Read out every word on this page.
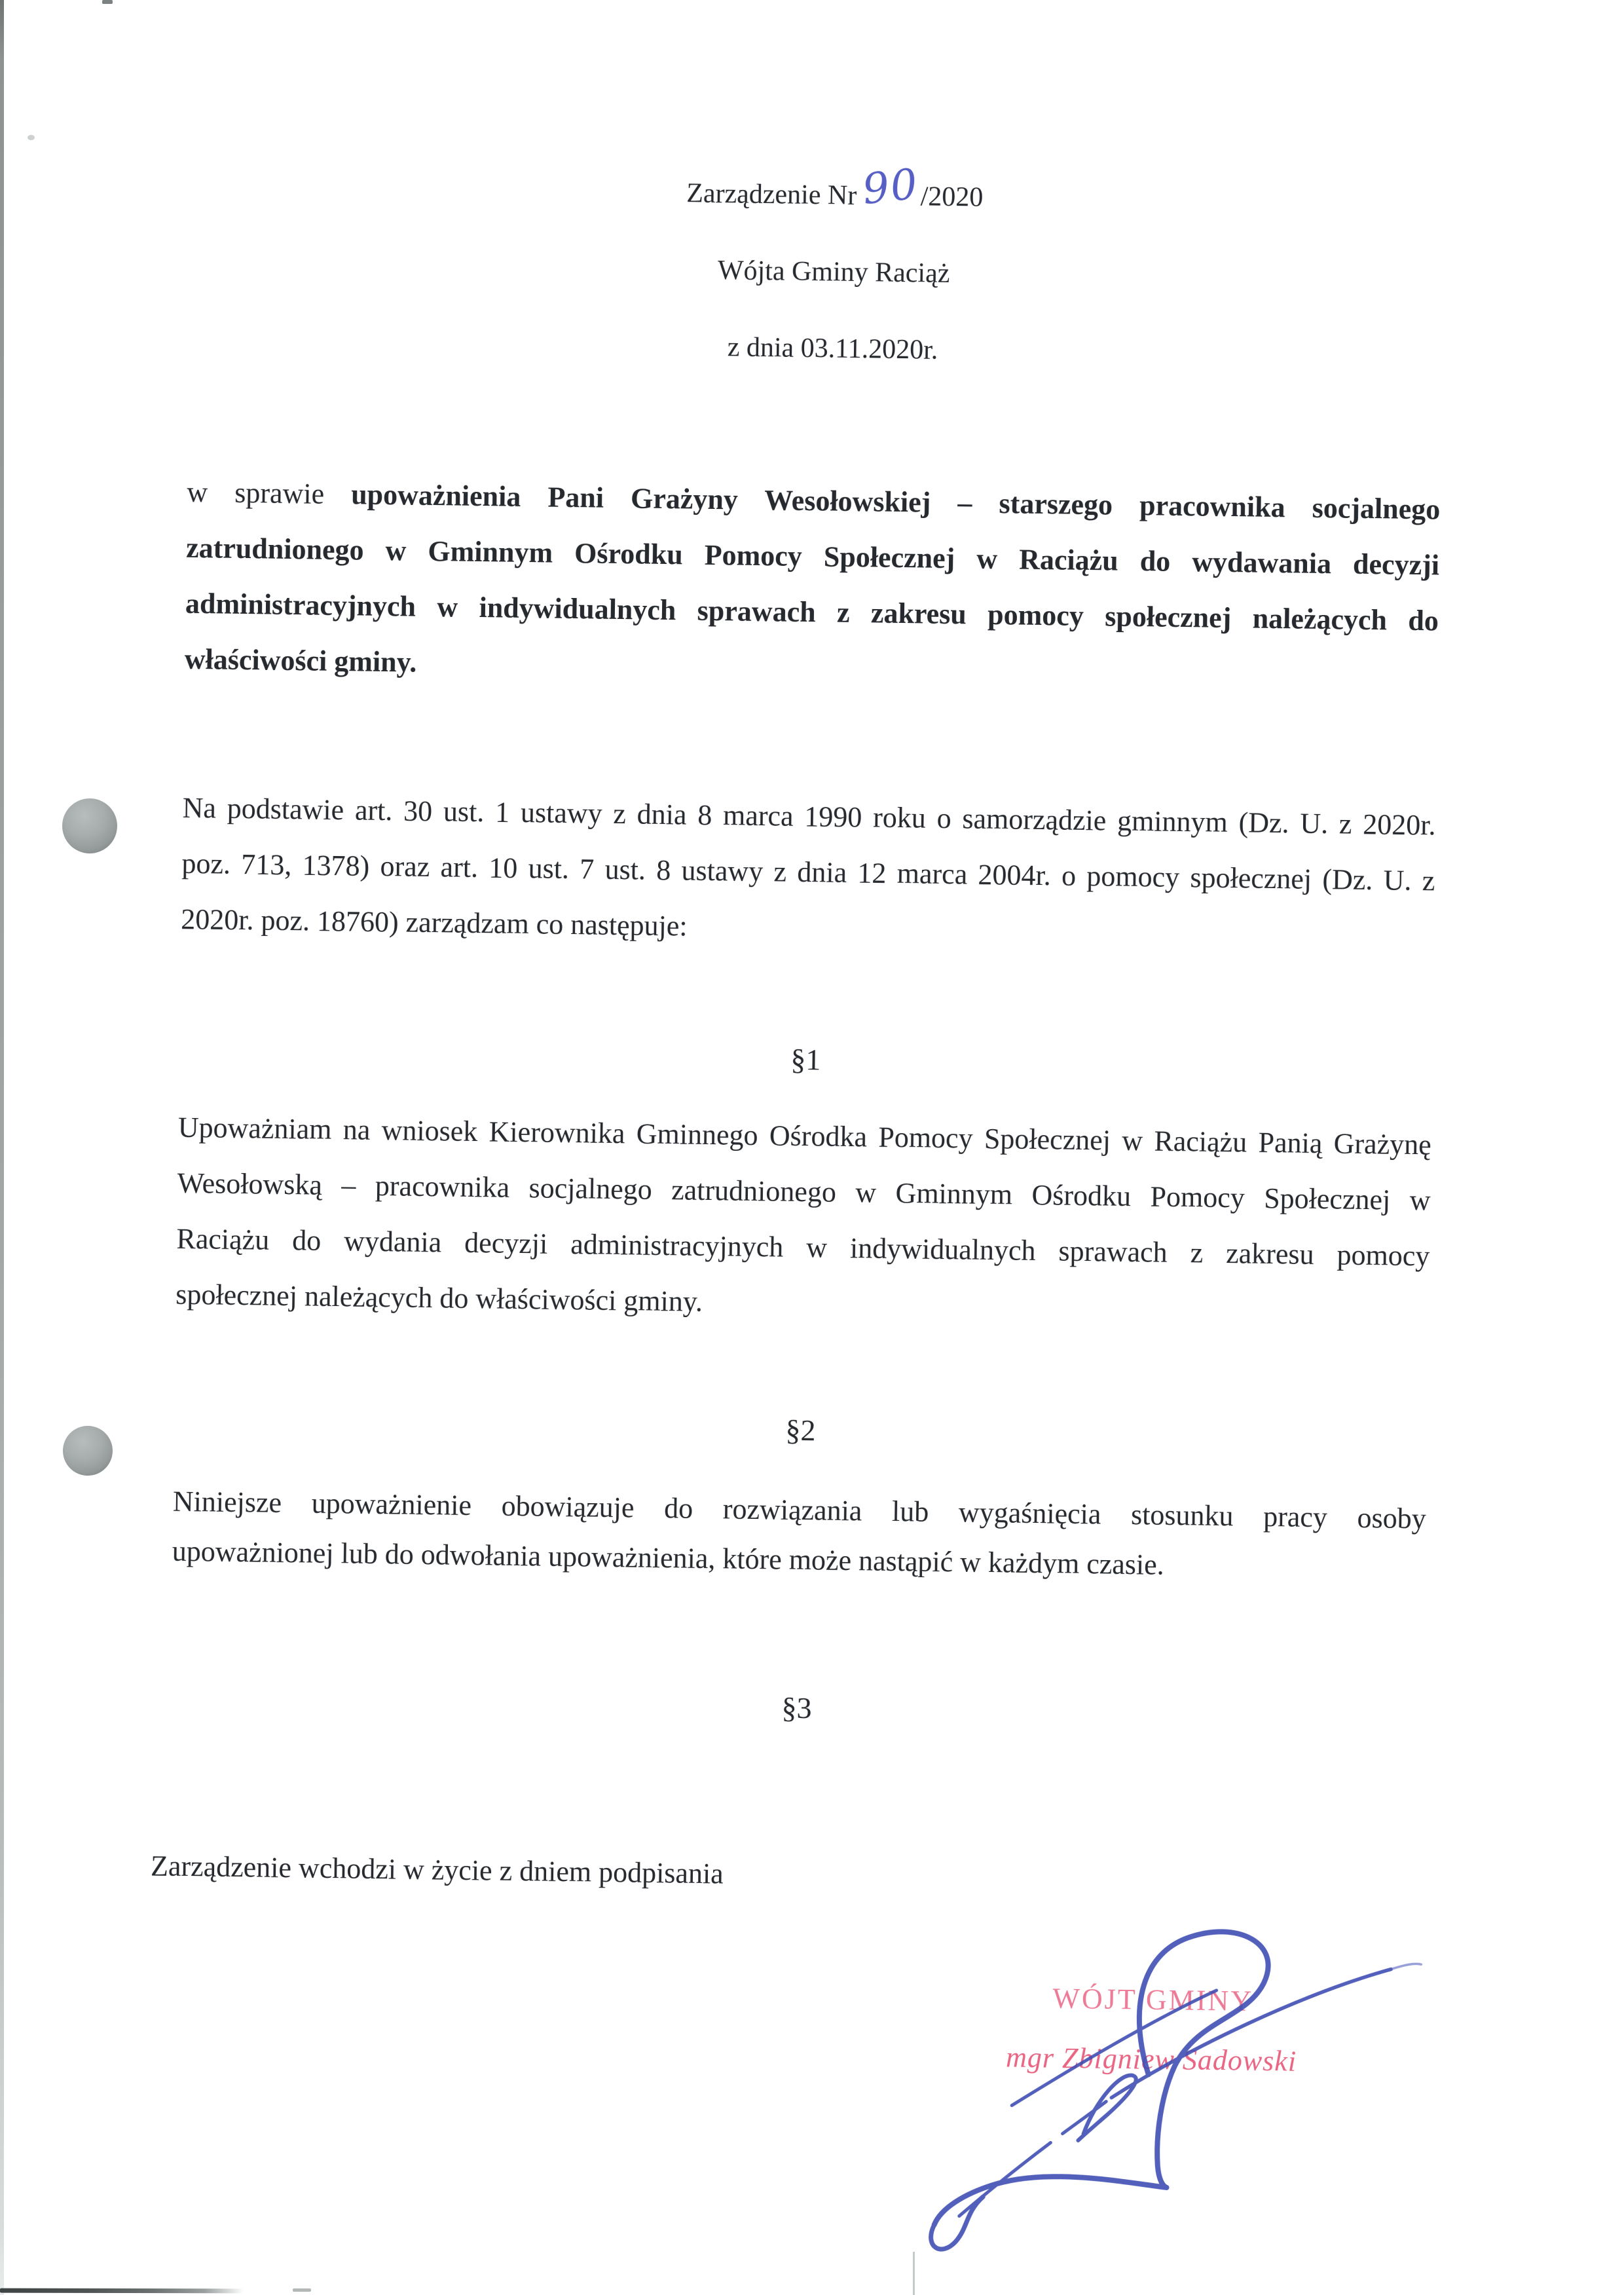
Zarządzenie Nr90/2020
Wójta Gminy Raciąż
z dnia 03.11.2020r.
w sprawie upoważnienia Pani Grażyny Wesołowskiej – starszego pracownika socjalnego
zatrudnionego w Gminnym Ośrodku Pomocy Społecznej w Raciążu do wydawania decyzji
administracyjnych w indywidualnych sprawach z zakresu pomocy społecznej należących do
właściwości gminy.
Na podstawie art. 30 ust. 1 ustawy z dnia 8 marca 1990 roku o samorządzie gminnym (Dz. U. z 2020r.
poz. 713, 1378) oraz art. 10 ust. 7 ust. 8 ustawy z dnia 12 marca 2004r. o pomocy społecznej (Dz. U. z
2020r. poz. 18760) zarządzam co następuje:
§1
Upoważniam na wniosek Kierownika Gminnego Ośrodka Pomocy Społecznej w Raciążu Panią Grażynę
Wesołowską – pracownika socjalnego zatrudnionego w Gminnym Ośrodku Pomocy Społecznej w
Raciążu do wydania decyzji administracyjnych w indywidualnych sprawach z zakresu pomocy
społecznej należących do właściwości gminy.
§2
Niniejsze upoważnienie obowiązuje do rozwiązania lub wygaśnięcia stosunku pracy osoby
upoważnionej lub do odwołania upoważnienia, które może nastąpić w każdym czasie.
§3
Zarządzenie wchodzi w życie z dniem podpisania
WÓJT GMINY
mgr Zbigniew Sadowski
